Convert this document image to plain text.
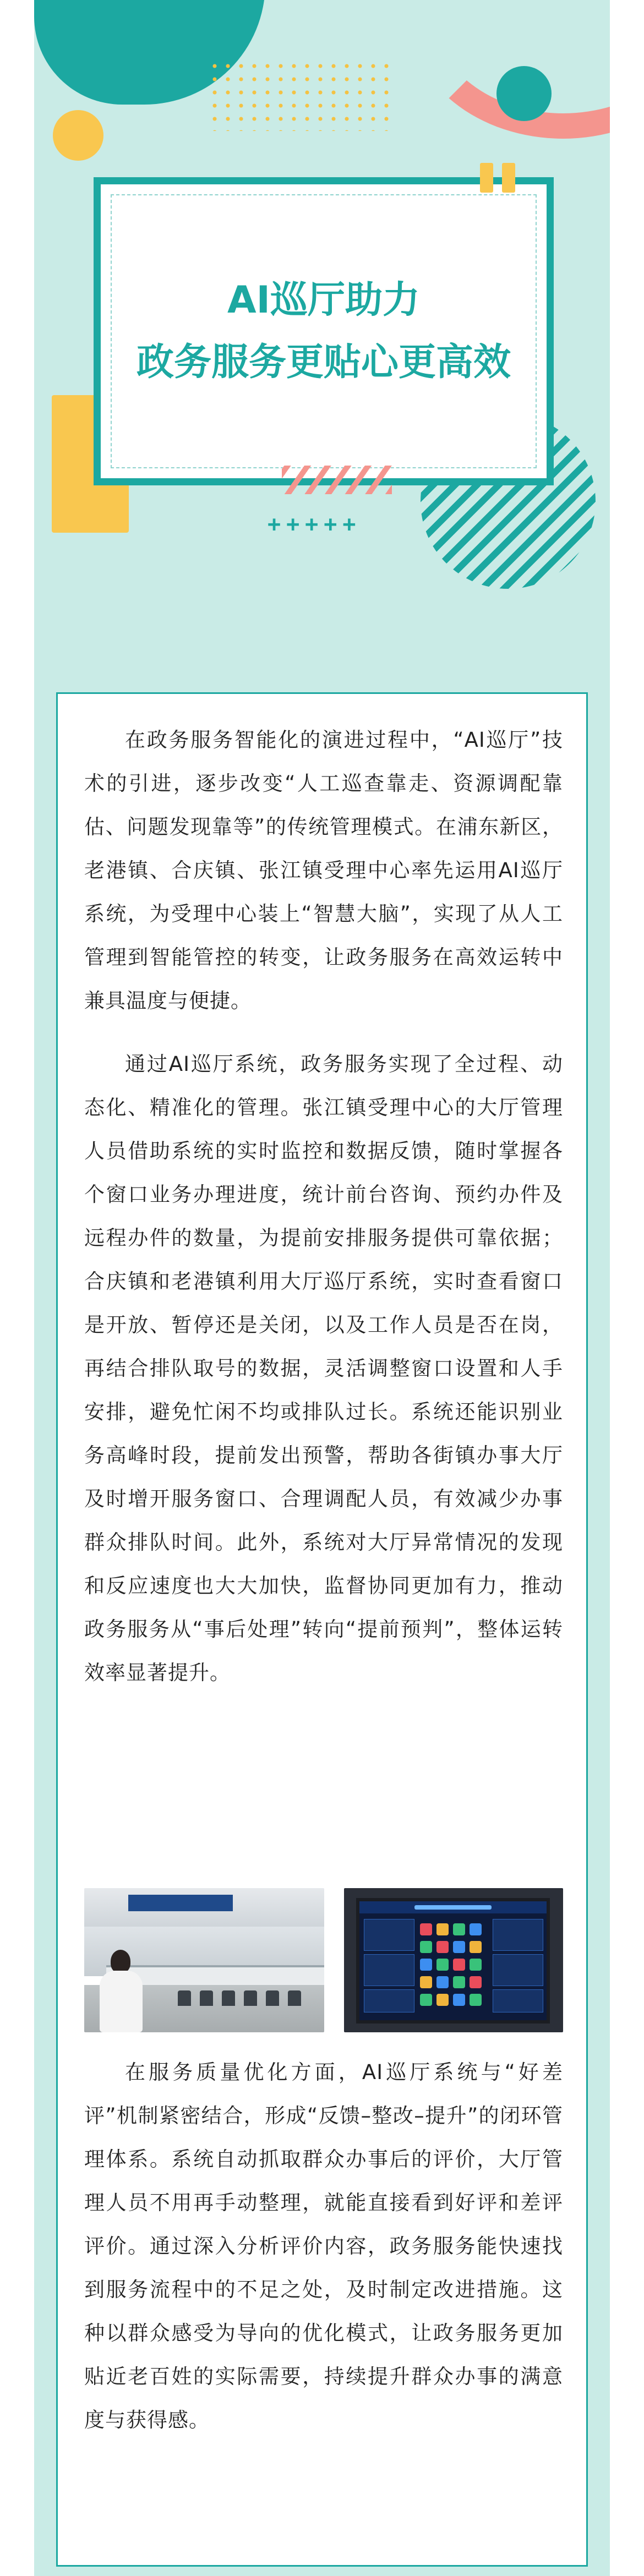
AI巡厅助力
政务服务更贴心更高效
+++++

在政务服务智能化的演进过程中，“AI巡厅”技术的引进，逐步改变“人工巡查靠走、资源调配靠估、问题发现靠等”的传统管理模式。在浦东新区，老港镇、合庆镇、张江镇受理中心率先运用AI巡厅系统，为受理中心装上“智慧大脑”，实现了从人工管理到智能管控的转变，让政务服务在高效运转中兼具温度与便捷。

通过AI巡厅系统，政务服务实现了全过程、动态化、精准化的管理。张江镇受理中心的大厅管理人员借助系统的实时监控和数据反馈，随时掌握各个窗口业务办理进度，统计前台咨询、预约办件及远程办件的数量，为提前安排服务提供可靠依据；合庆镇和老港镇利用大厅巡厅系统，实时查看窗口是开放、暂停还是关闭，以及工作人员是否在岗，再结合排队取号的数据，灵活调整窗口设置和人手安排，避免忙闲不均或排队过长。系统还能识别业务高峰时段，提前发出预警，帮助各街镇办事大厅及时增开服务窗口、合理调配人员，有效减少办事群众排队时间。此外，系统对大厅异常情况的发现和反应速度也大大加快，监督协同更加有力，推动政务服务从“事后处理”转向“提前预判”，整体运转效率显著提升。

在服务质量优化方面，AI巡厅系统与“好差评”机制紧密结合，形成“反馈–整改–提升”的闭环管理体系。系统自动抓取群众办事后的评价，大厅管理人员不用再手动整理，就能直接看到好评和差评评价。通过深入分析评价内容，政务服务能快速找到服务流程中的不足之处，及时制定改进措施。这种以群众感受为导向的优化模式，让政务服务更加贴近老百姓的实际需要，持续提升群众办事的满意度与获得感。
